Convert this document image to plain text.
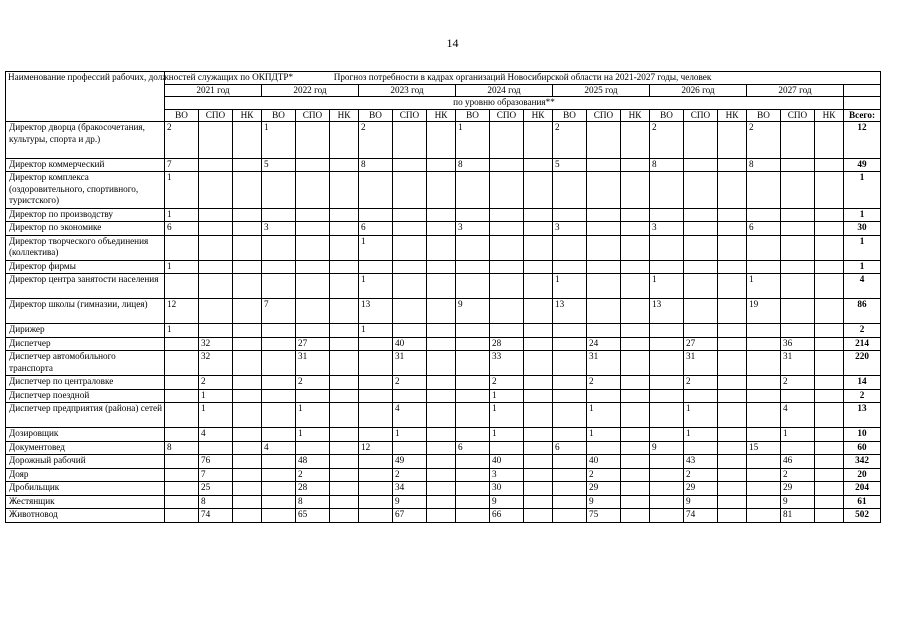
14
Наименование профессий рабочих, должностей служащих по ОКПДТР*	Прогноз потребности в кадрах организаций Новосибирской области на 2021-2027 годы, человек																					
	2021 год			2022 год			2023 год			2024 год			2025 год			2026 год			2027 год			
	по уровню образования**																					
	ВО	СПО	НК	ВО	СПО	НК	ВО	СПО	НК	ВО	СПО	НК	ВО	СПО	НК	ВО	СПО	НК	ВО	СПО	НК	Всего:
Директор дворца (бракосочетания, культуры, спорта и др.)	2			1			2			1			2			2			2			12
Директор коммерческий	7			5			8			8			5			8			8			49
Директор комплекса (оздоровительного, спортивного, туристского)	1																					1
Директор по производству	1																					1
Директор по экономике	6			3			6			3			3			3			6			30
Директор творческого объединения (коллектива)							1															1
Директор фирмы	1																					1
Директор центра занятости населения							1						1			1			1			4
Директор школы (гимназии, лицея)	12			7			13			9			13			13			19			86
Дирижер	1						1															2
Диспетчер		32			27			40			28			24			27			36		214
Диспетчер автомобильного транспорта		32			31			31			33			31			31			31		220
Диспетчер по централовке		2			2			2			2			2			2			2		14
Диспетчер поездной		1									1											2
Диспетчер предприятия (района) сетей		1			1			4			1			1			1			4		13
Дозировщик		4			1			1			1			1			1			1		10
Документовед	8			4			12			6			6			9			15			60
Дорожный рабочий		76			48			49			40			40			43			46		342
Дояр		7			2			2			3			2			2			2		20
Дробильщик		25			28			34			30			29			29			29		204
Жестянщик		8			8			9			9			9			9			9		61
Животновод		74			65			67			66			75			74			81		502
